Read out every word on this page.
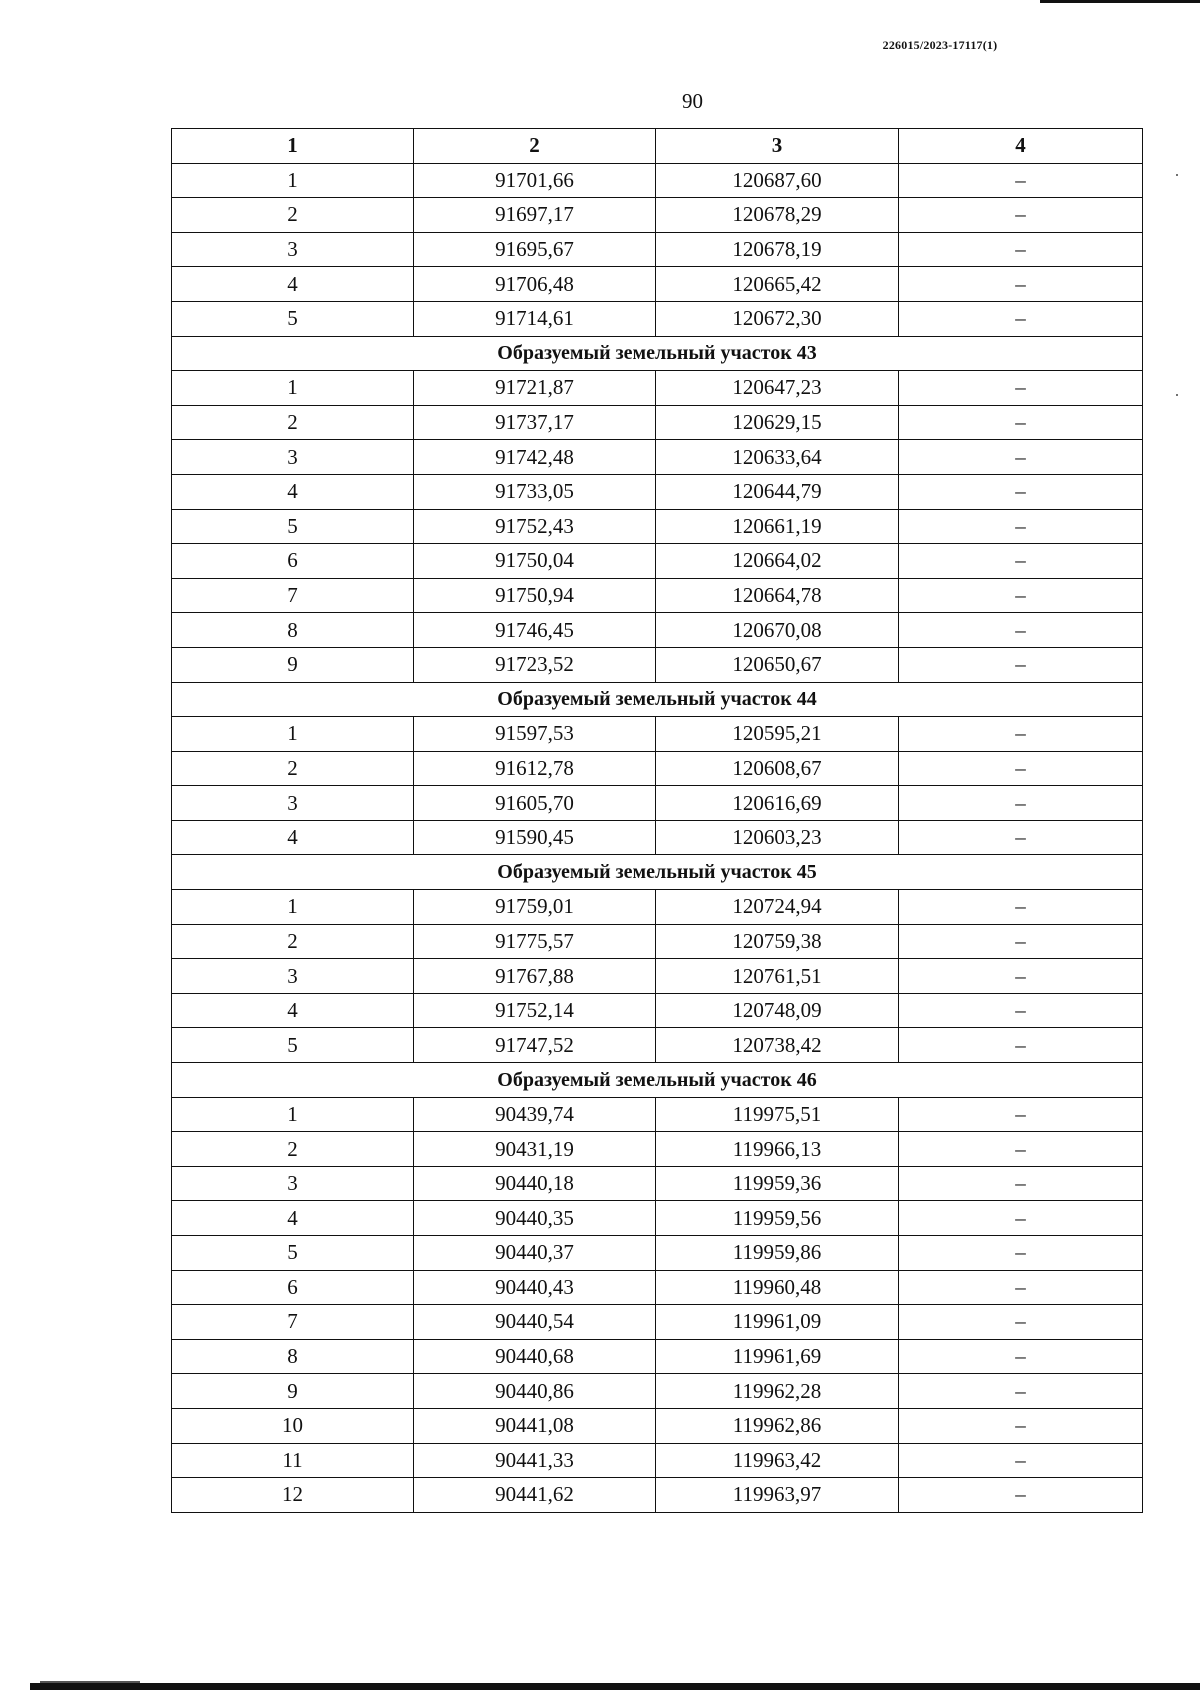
226015/2023-17117(1)
90
1	2	3	4
1	91701,66	120687,60	–
2	91697,17	120678,29	–
3	91695,67	120678,19	–
4	91706,48	120665,42	–
5	91714,61	120672,30	–
Образуемый земельный участок 43			
1	91721,87	120647,23	–
2	91737,17	120629,15	–
3	91742,48	120633,64	–
4	91733,05	120644,79	–
5	91752,43	120661,19	–
6	91750,04	120664,02	–
7	91750,94	120664,78	–
8	91746,45	120670,08	–
9	91723,52	120650,67	–
Образуемый земельный участок 44			
1	91597,53	120595,21	–
2	91612,78	120608,67	–
3	91605,70	120616,69	–
4	91590,45	120603,23	–
Образуемый земельный участок 45			
1	91759,01	120724,94	–
2	91775,57	120759,38	–
3	91767,88	120761,51	–
4	91752,14	120748,09	–
5	91747,52	120738,42	–
Образуемый земельный участок 46			
1	90439,74	119975,51	–
2	90431,19	119966,13	–
3	90440,18	119959,36	–
4	90440,35	119959,56	–
5	90440,37	119959,86	–
6	90440,43	119960,48	–
7	90440,54	119961,09	–
8	90440,68	119961,69	–
9	90440,86	119962,28	–
10	90441,08	119962,86	–
11	90441,33	119963,42	–
12	90441,62	119963,97	–
